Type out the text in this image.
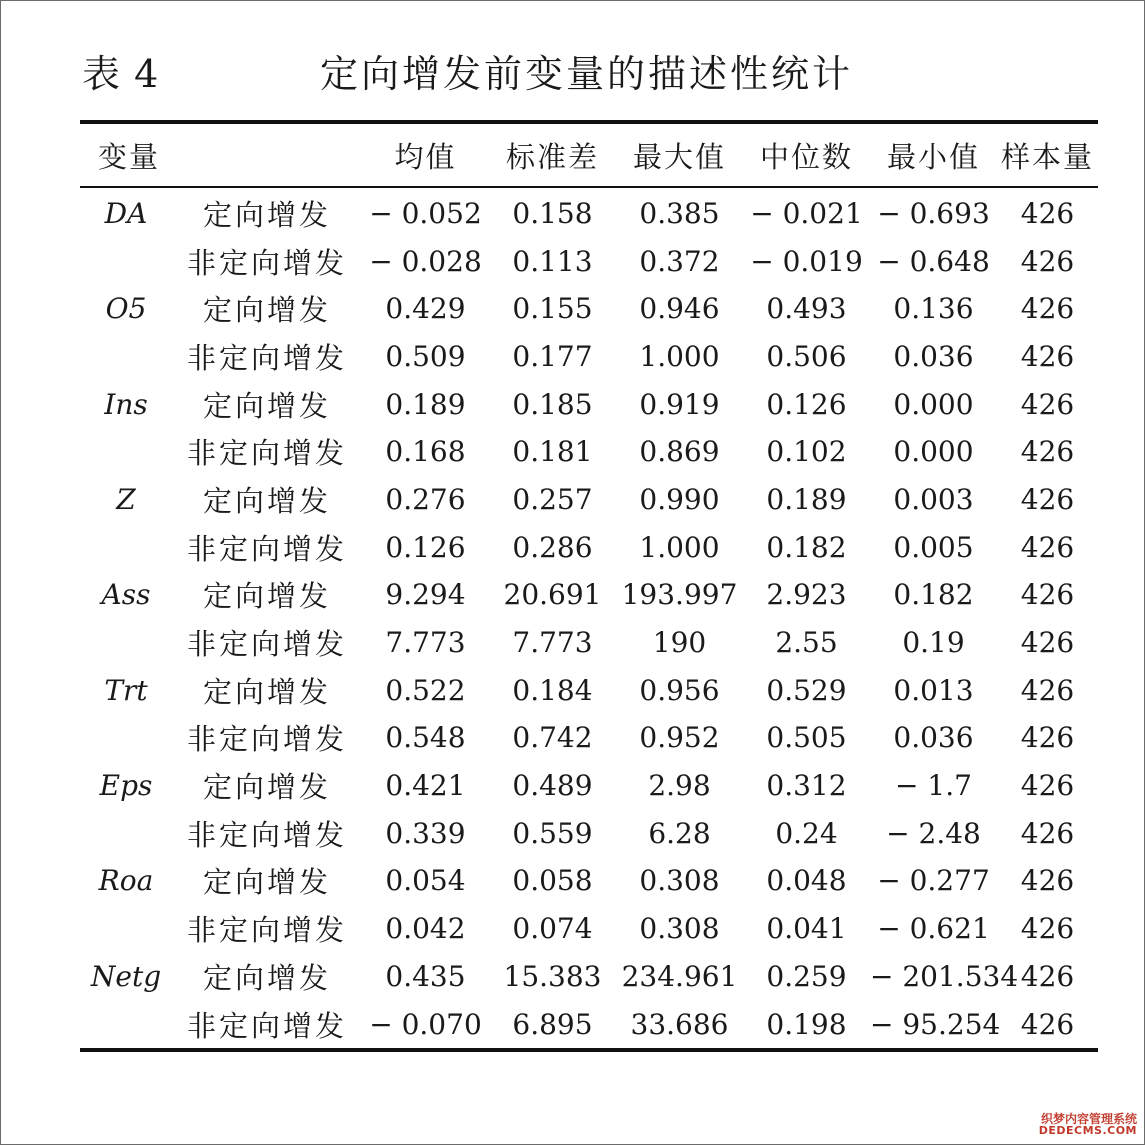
表 4	定向增发前变量的描述性统计
变量	均值	标准差	最大值	中位数	最小值	样本量
DA	定向增发	− 0.052	0.158	0.385	− 0.021	− 0.693	426
	非定向增发	− 0.028	0.113	0.372	− 0.019	− 0.648	426
O5	定向增发	0.429	0.155	0.946	0.493	0.136	426
	非定向增发	0.509	0.177	1.000	0.506	0.036	426
Ins	定向增发	0.189	0.185	0.919	0.126	0.000	426
	非定向增发	0.168	0.181	0.869	0.102	0.000	426
Z	定向增发	0.276	0.257	0.990	0.189	0.003	426
	非定向增发	0.126	0.286	1.000	0.182	0.005	426
Ass	定向增发	9.294	20.691	193.997	2.923	0.182	426
	非定向增发	7.773	7.773	190	2.55	0.19	426
Trt	定向增发	0.522	0.184	0.956	0.529	0.013	426
	非定向增发	0.548	0.742	0.952	0.505	0.036	426
Eps	定向增发	0.421	0.489	2.98	0.312	− 1.7	426
	非定向增发	0.339	0.559	6.28	0.24	− 2.48	426
Roa	定向增发	0.054	0.058	0.308	0.048	− 0.277	426
	非定向增发	0.042	0.074	0.308	0.041	− 0.621	426
Netg	定向增发	0.435	15.383	234.961	0.259	− 201.534	426
	非定向增发	− 0.070	6.895	33.686	0.198	− 95.254	426
织梦内容管理系统
DEDECMS.COM
